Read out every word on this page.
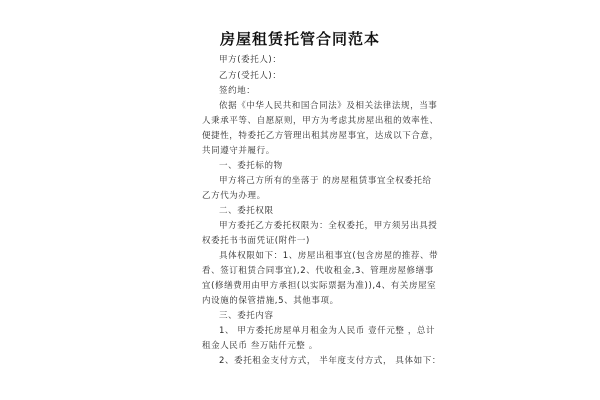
房屋租赁托管合同范本
甲方(委托人)：
乙方(受托人)：
签约地：
依据《中华人民共和国合同法》及相关法律法规，当事
人秉承平等、自愿原则，甲方为考虑其房屋出租的效率性、
便捷性，特委托乙方管理出租其房屋事宜，达成以下合意，
共同遵守并履行。
一、委托标的物
甲方将己方所有的坐落于 的房屋租赁事宜全权委托给
乙方代为办理。
二、委托权限
甲方委托乙方委托权限为：全权委托，甲方须另出具授
权委托书书面凭证(附件一)
具体权限如下：1、房屋出租事宜(包含房屋的推荐、带
看、签订租赁合同事宜),2、代收租金,3、管理房屋修缮事
宜(修缮费用由甲方承担(以实际票据为准)),4、有关房屋室
内设施的保管措施,5、其他事项。
三、委托内容
1、 甲方委托房屋单月租金为人民币 壹仟元整 ，总计
租金人民币 叁万陆仟元整 。
2、委托租金支付方式， 半年度支付方式， 具体如下：
